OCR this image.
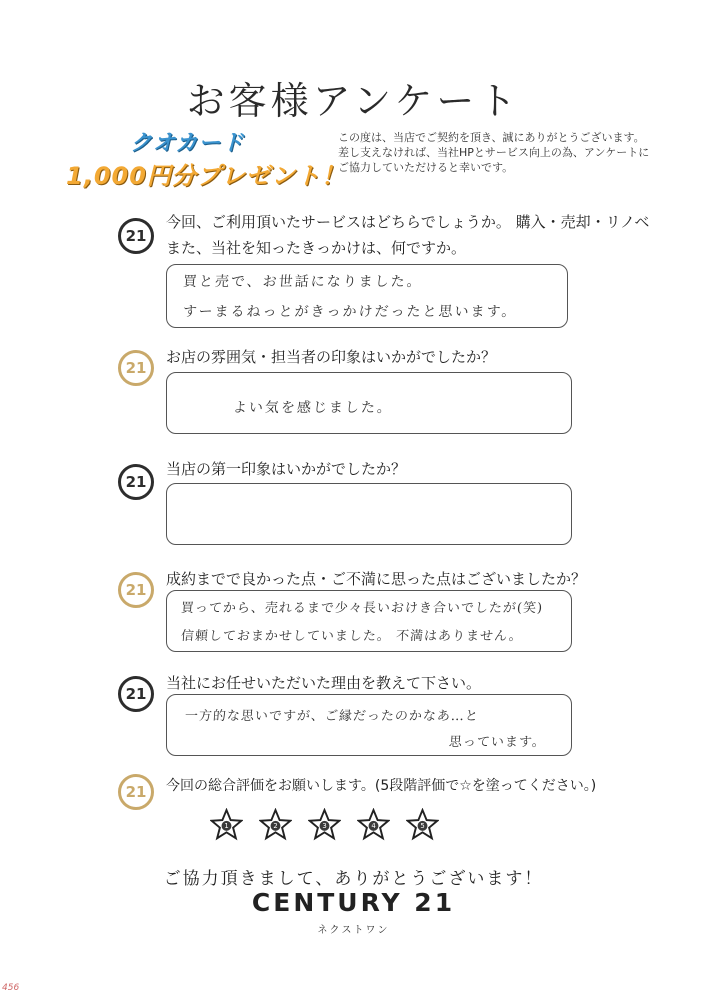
お客様アンケート
クオカード
1,000円分プレゼント！
この度は、当店でご契約を頂き、誠にありがとうございます。
差し支えなければ、当社HPとサービス向上の為、アンケートに
ご協力していただけると幸いです。
21
今回、ご利用頂いたサービスはどちらでしょうか。 購入・売却・リノベ
また、当社を知ったきっかけは、何ですか。
買と売で、お世話になりました。
すーまるねっとがきっかけだったと思います。
21
お店の雰囲気・担当者の印象はいかがでしたか？
よい気を感じました。
21
当店の第一印象はいかがでしたか？
21
成約までで良かった点・ご不満に思った点はございましたか？
買ってから、売れるまで少々長いおけき合いでしたが(笑)
信頼しておまかせしていました。 不満はありません。
21
当社にお任せいただいた理由を教えて下さい。
一方的な思いですが、ご縁だったのかなあ…と
思っています。
21	今回の総合評価をお願いします。(5段階評価で☆を塗ってください。)
1	2	3	4	5
ご協力頂きまして、ありがとうございます！
CENTURY 21
ネクストワン
456
